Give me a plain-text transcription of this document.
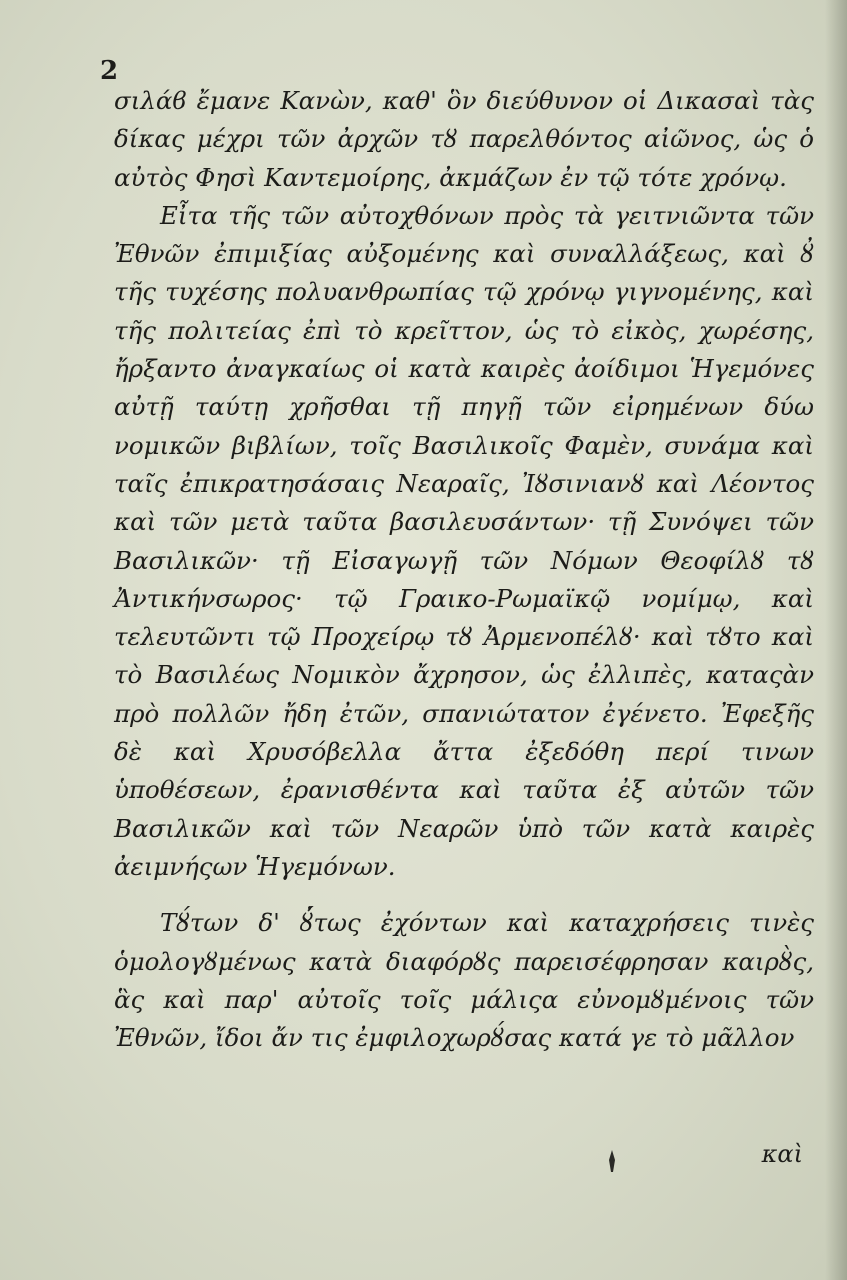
2

σιλάϐ ἔμανε Κανὼν, καθ' ὃν διεύθυνον οἱ Δικασαὶ τὰς δίκας μέχρι τῶν ἀρχῶν τȣ παρελθόντος αἰῶνος, ὡς ὁ αὐτὸς Φησὶ Καντεμοίρης, ἀκμάζων ἐν τῷ τότε χρόνῳ.

Εἶτα τῆς τῶν αὐτοχθόνων πρὸς τὰ γειτνιῶντα τῶν Ἐθνῶν ἐπιμιξίας αὐξομένης καὶ συναλλάξεως, καὶ ȣ̓ τῆς τυχέσης πολυανθρωπίας τῷ χρόνῳ γιγνομένης, καὶ τῆς πολιτείας ἐπὶ τὸ κρεῖττον, ὡς τὸ εἰκὸς, χωρέσης, ἤρξαντο ἀναγκαίως οἱ κατὰ καιρὲς ἀοίδιμοι Ἡγεμόνες αὐτῇ ταύτῃ χρῆσθαι τῇ πηγῇ τῶν εἰρημένων δύω νομικῶν βιβλίων, τοῖς Βασιλικοῖς Φαμὲν, συνάμα καὶ ταῖς ἐπικρατησάσαις Νεαραῖς, Ἰȣσινιανȣ καὶ Λέοντος καὶ τῶν μετὰ ταῦτα βασιλευσάντων· τῇ Συνόψει τῶν Βασιλικῶν· τῇ Εἰσαγωγῇ τῶν Νόμων Θεοφίλȣ τȣ Ἀντικήνσωρος· τῷ Γραικο-Ρωμαϊκῷ νομίμῳ, καὶ τελευτῶντι τῷ Προχείρῳ τȣ Ἀρμενοπέλȣ· καὶ τȣτο καὶ τὸ Βασιλέως Νομικὸν ἄχρησον, ὡς ἐλλιπὲς, καταςὰν πρὸ πολλῶν ἤδη ἐτῶν, σπανιώτατον ἐγένετο. Ἐφεξῆς δὲ καὶ Χρυσόβελλα ἄττα ἐξεδόθη περί τινων ὑποθέσεων, ἐρανισθέντα καὶ ταῦτα ἐξ αὐτῶν τῶν Βασιλικῶν καὶ τῶν Νεαρῶν ὑπὸ τῶν κατὰ καιρὲς ἀειμνήςων Ἡγεμόνων.

Τȣ́των δ' ȣ̓́τως ἐχόντων καὶ καταχρήσεις τινὲς ὁμολογȣμένως κατὰ διαφόρȣς παρεισέφρησαν καιρȣ̀ς, ἃς καὶ παρ' αὐτοῖς τοῖς μάλιςα εὐνομȣμένοις τῶν Ἐθνῶν, ἴδοι ἄν τις ἐμφιλοχωρȣ́σας κατά γε τὸ μᾶλλον

καὶ
